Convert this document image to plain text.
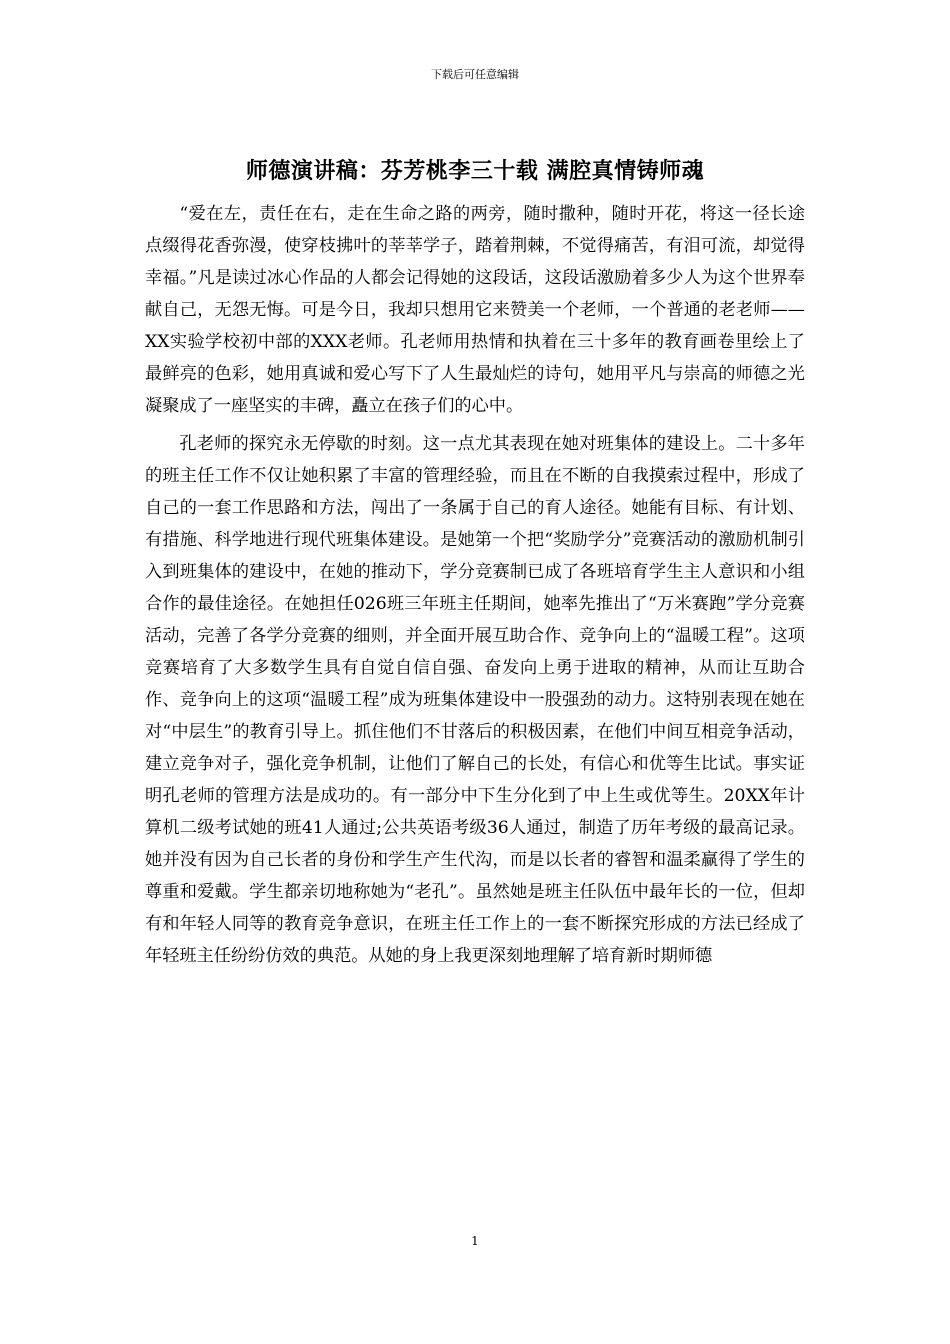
下载后可任意编辑
师德演讲稿：芬芳桃李三十载 满腔真情铸师魂

“爱在左，责任在右，走在生命之路的两旁，随时撒种，随时开花，将这一径长途点缀得花香弥漫，使穿枝拂叶的莘莘学子，踏着荆棘，不觉得痛苦，有泪可流，却觉得幸福。”凡是读过冰心作品的人都会记得她的这段话，这段话激励着多少人为这个世界奉献自己，无怨无悔。可是今日，我却只想用它来赞美一个老师，一个普通的老老师——XX实验学校初中部的XXX老师。孔老师用热情和执着在三十多年的教育画卷里绘上了最鲜亮的色彩，她用真诚和爱心写下了人生最灿烂的诗句，她用平凡与崇高的师德之光凝聚成了一座坚实的丰碑，矗立在孩子们的心中。

孔老师的探究永无停歇的时刻。这一点尤其表现在她对班集体的建设上。二十多年的班主任工作不仅让她积累了丰富的管理经验，而且在不断的自我摸索过程中，形成了自己的一套工作思路和方法，闯出了一条属于自己的育人途径。她能有目标、有计划、有措施、科学地进行现代班集体建设。是她第一个把“奖励学分”竞赛活动的激励机制引入到班集体的建设中，在她的推动下，学分竞赛制已成了各班培育学生主人意识和小组合作的最佳途径。在她担任026班三年班主任期间，她率先推出了“万米赛跑”学分竞赛活动，完善了各学分竞赛的细则，并全面开展互助合作、竞争向上的“温暖工程”。这项竞赛培育了大多数学生具有自觉自信自强、奋发向上勇于进取的精神，从而让互助合作、竞争向上的这项“温暖工程”成为班集体建设中一股强劲的动力。这特别表现在她在对“中层生”的教育引导上。抓住他们不甘落后的积极因素，在他们中间互相竞争活动，建立竞争对子，强化竞争机制，让他们了解自己的长处，有信心和优等生比试。事实证明孔老师的管理方法是成功的。有一部分中下生分化到了中上生或优等生。20XX年计算机二级考试她的班41人通过;公共英语考级36人通过，制造了历年考级的最高记录。她并没有因为自己长者的身份和学生产生代沟，而是以长者的睿智和温柔赢得了学生的尊重和爱戴。学生都亲切地称她为“老孔”。虽然她是班主任队伍中最年长的一位，但却有和年轻人同等的教育竞争意识，在班主任工作上的一套不断探究形成的方法已经成了年轻班主任纷纷仿效的典范。从她的身上我更深刻地理解了培育新时期师德

1
